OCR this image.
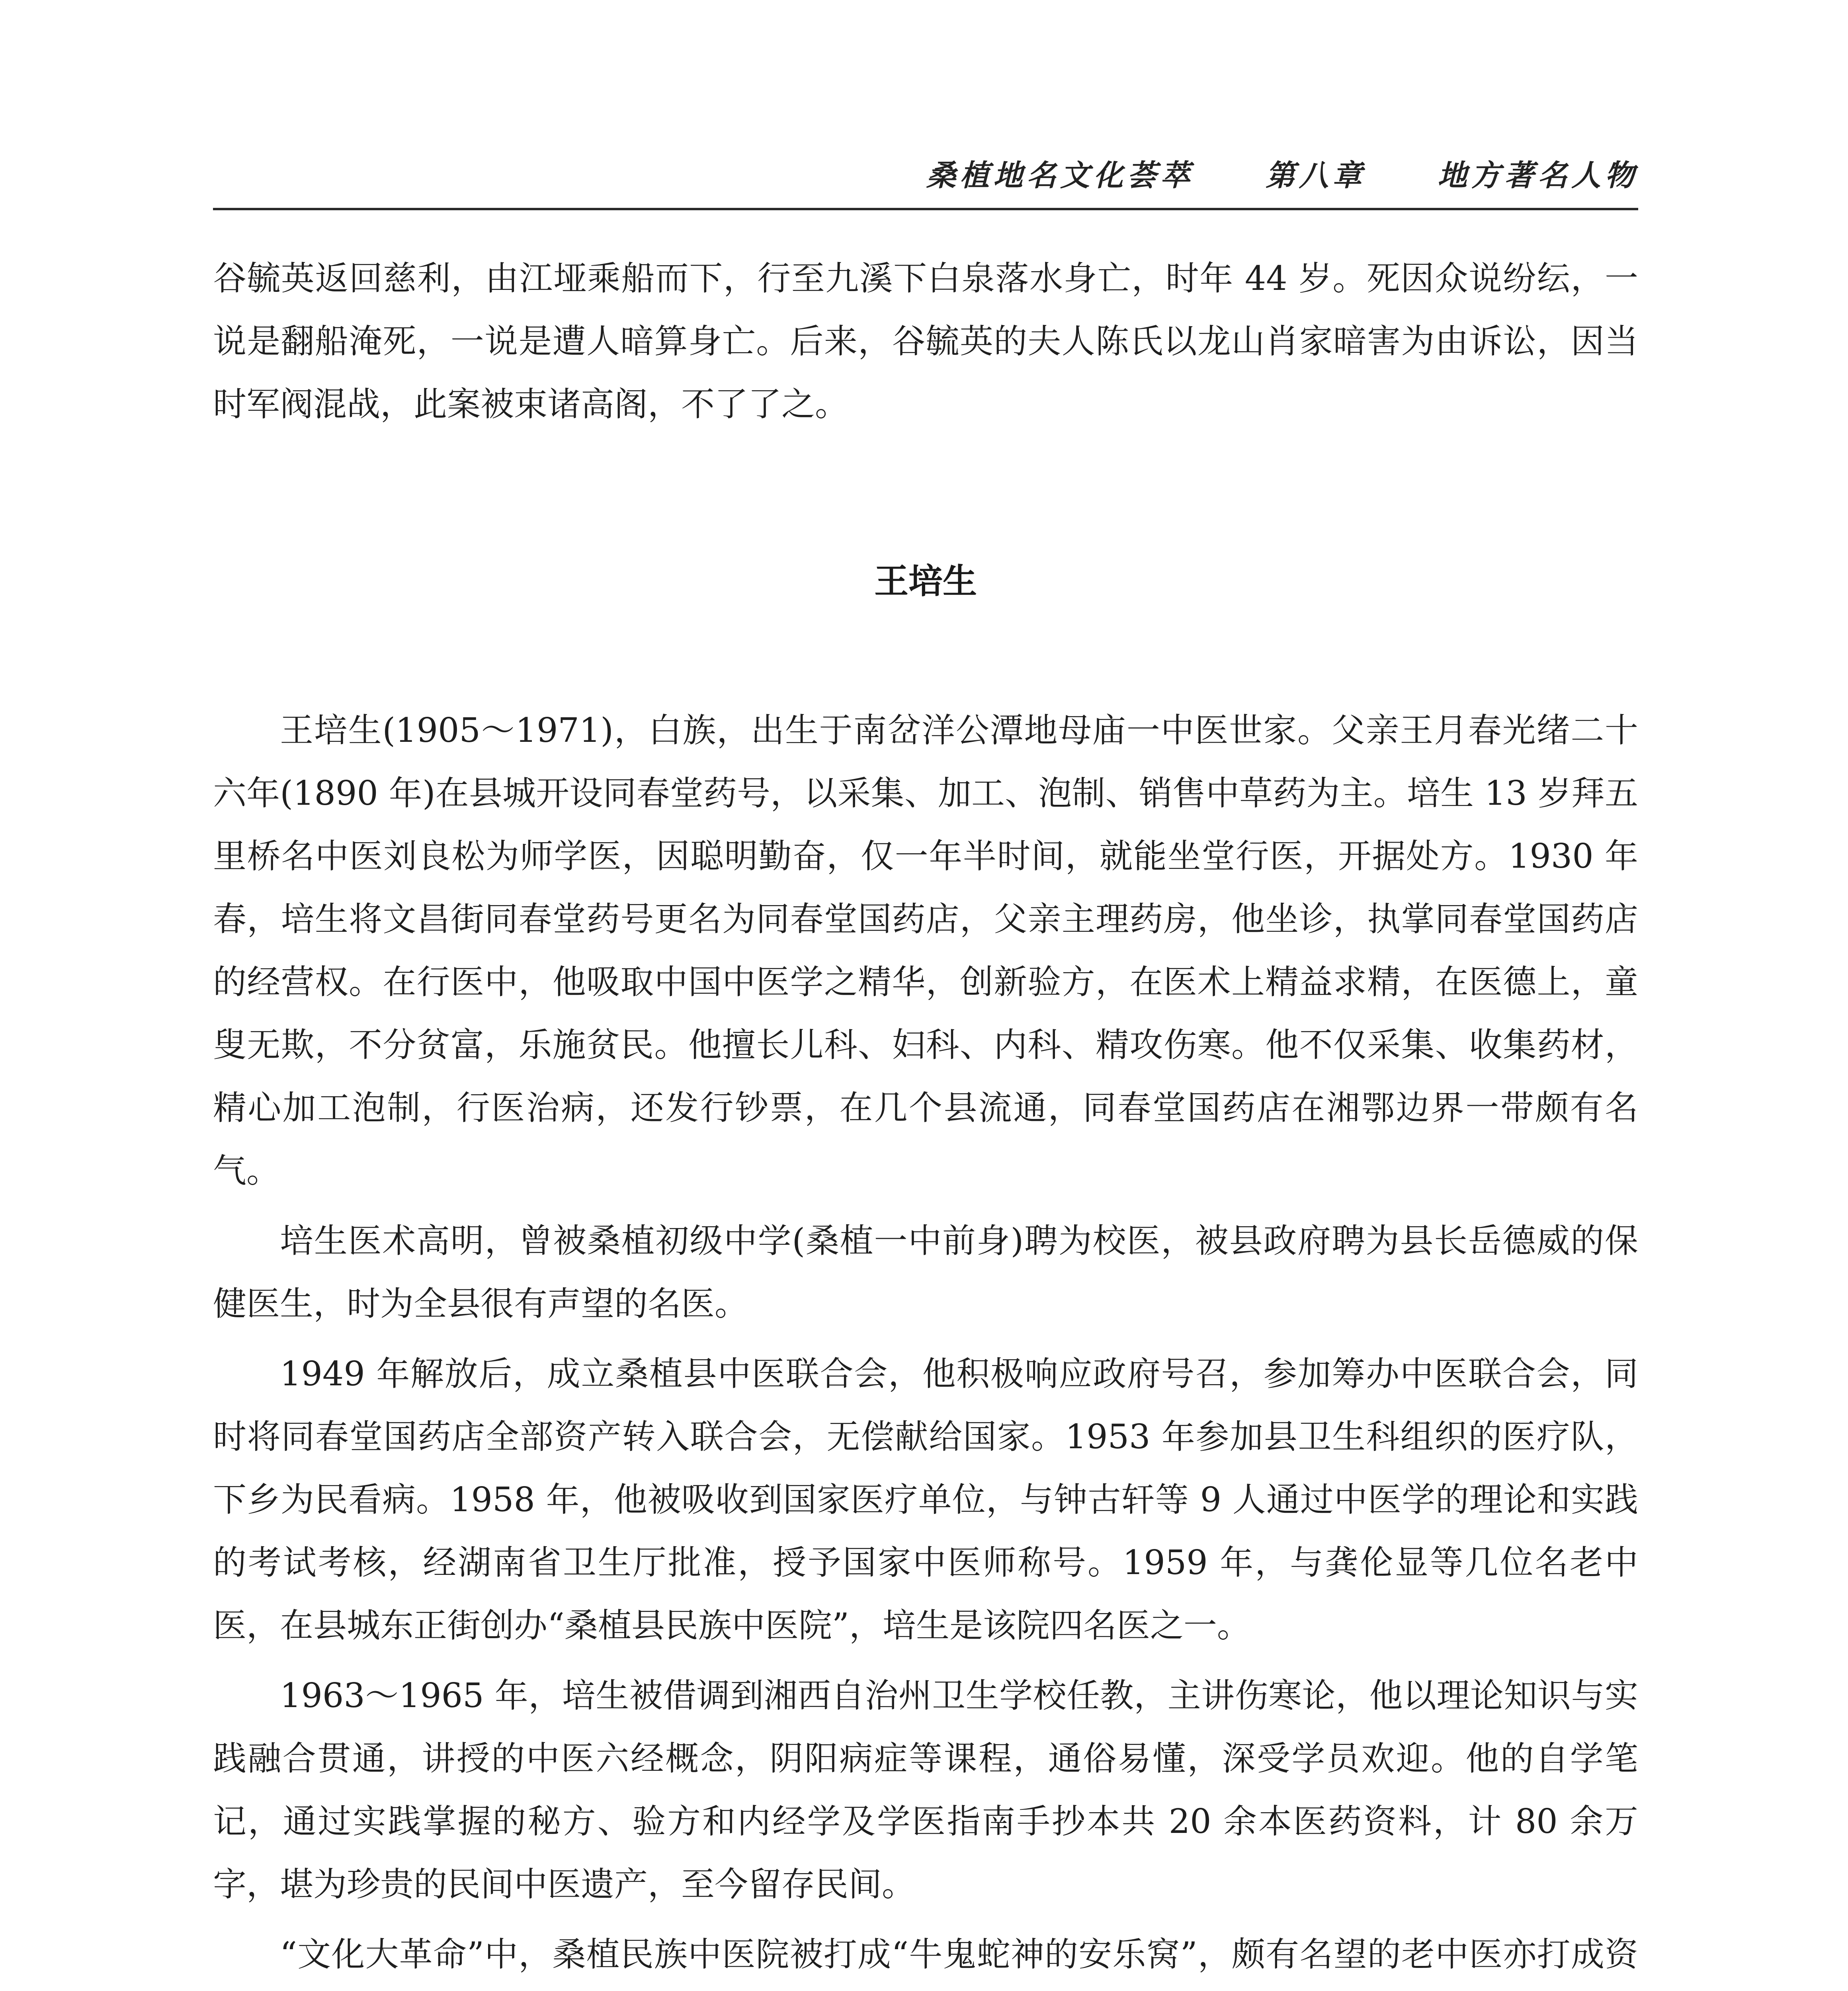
桑植地名文化荟萃 第八章 地方著名人物

谷毓英返回慈利，由江垭乘船而下，行至九溪下白泉落水身亡，时年 44 岁。死因众说纷纭，一说是翻船淹死，一说是遭人暗算身亡。后来，谷毓英的夫人陈氏以龙山肖家暗害为由诉讼，因当时军阀混战，此案被束诸高阁，不了了之。

王培生

王培生(1905～1971)，白族，出生于南岔洋公潭地母庙一中医世家。父亲王月春光绪二十六年(1890 年)在县城开设同春堂药号，以采集、加工、泡制、销售中草药为主。培生 13 岁拜五里桥名中医刘良松为师学医，因聪明勤奋，仅一年半时间，就能坐堂行医，开据处方。1930 年春，培生将文昌街同春堂药号更名为同春堂国药店，父亲主理药房，他坐诊，执掌同春堂国药店的经营权。在行医中，他吸取中国中医学之精华，创新验方，在医术上精益求精，在医德上，童叟无欺，不分贫富，乐施贫民。他擅长儿科、妇科、内科、精攻伤寒。他不仅采集、收集药材，精心加工泡制，行医治病，还发行钞票，在几个县流通，同春堂国药店在湘鄂边界一带颇有名气。

培生医术高明，曾被桑植初级中学(桑植一中前身)聘为校医，被县政府聘为县长岳德威的保健医生，时为全县很有声望的名医。

1949 年解放后，成立桑植县中医联合会，他积极响应政府号召，参加筹办中医联合会，同时将同春堂国药店全部资产转入联合会，无偿献给国家。1953 年参加县卫生科组织的医疗队，下乡为民看病。1958 年，他被吸收到国家医疗单位，与钟古轩等 9 人通过中医学的理论和实践的考试考核，经湖南省卫生厅批准，授予国家中医师称号。1959 年，与龚伦显等几位名老中医，在县城东正街创办“桑植县民族中医院”，培生是该院四名医之一。

1963～1965 年，培生被借调到湘西自治州卫生学校任教，主讲伤寒论，他以理论知识与实践融合贯通，讲授的中医六经概念，阴阳病症等课程，通俗易懂，深受学员欢迎。他的自学笔记，通过实践掌握的秘方、验方和内经学及学医指南手抄本共 20 余本医药资料，计 80 余万字，堪为珍贵的民间中医遗产，至今留存民间。

“文化大革命”中，桑植民族中医院被打成“牛鬼蛇神的安乐窝”，颇有名望的老中医亦打成资
